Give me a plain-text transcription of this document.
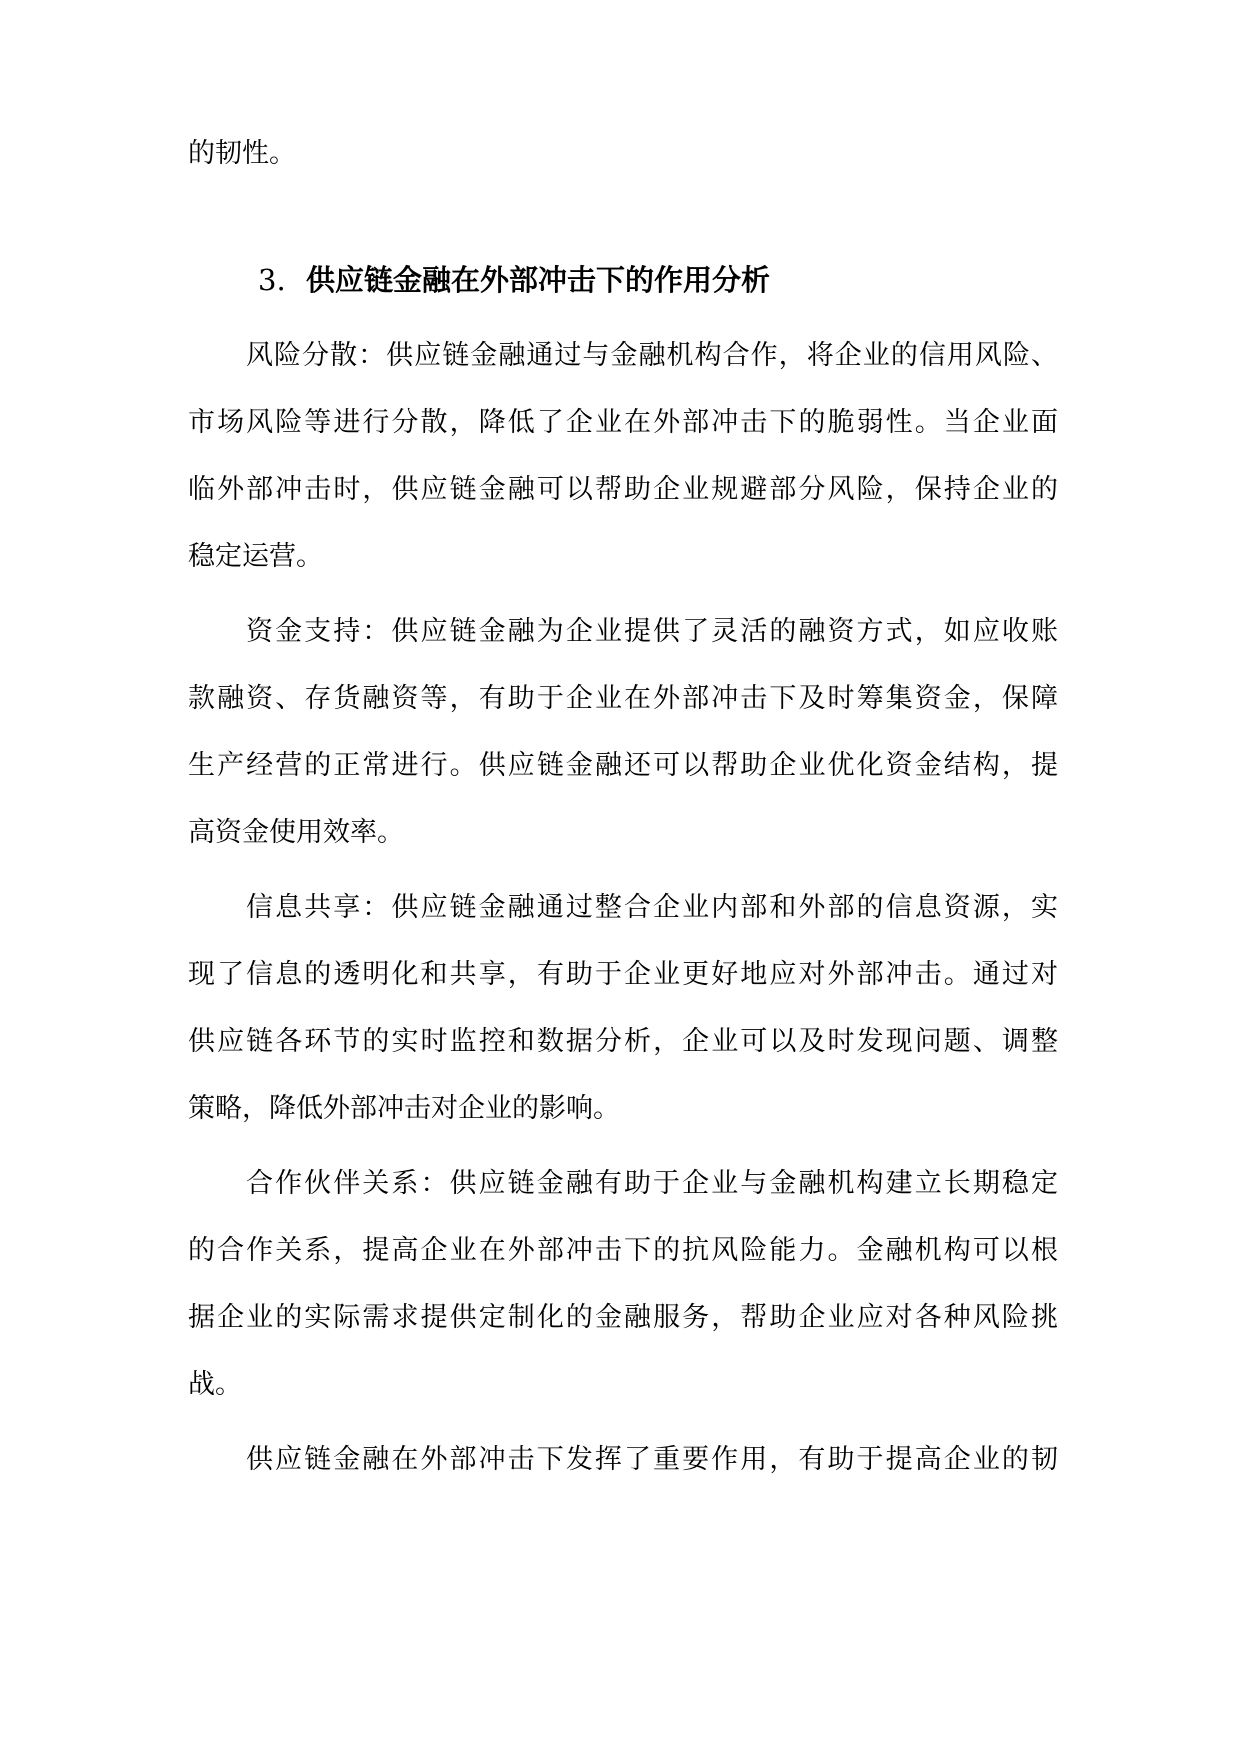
的韧性。
3. 供应链金融在外部冲击下的作用分析
风险分散：供应链金融通过与金融机构合作，将企业的信用风险、
市场风险等进行分散，降低了企业在外部冲击下的脆弱性。当企业面
临外部冲击时，供应链金融可以帮助企业规避部分风险，保持企业的
稳定运营。
资金支持：供应链金融为企业提供了灵活的融资方式，如应收账
款融资、存货融资等，有助于企业在外部冲击下及时筹集资金，保障
生产经营的正常进行。供应链金融还可以帮助企业优化资金结构，提
高资金使用效率。
信息共享：供应链金融通过整合企业内部和外部的信息资源，实
现了信息的透明化和共享，有助于企业更好地应对外部冲击。通过对
供应链各环节的实时监控和数据分析，企业可以及时发现问题、调整
策略，降低外部冲击对企业的影响。
合作伙伴关系：供应链金融有助于企业与金融机构建立长期稳定
的合作关系，提高企业在外部冲击下的抗风险能力。金融机构可以根
据企业的实际需求提供定制化的金融服务，帮助企业应对各种风险挑
战。
供应链金融在外部冲击下发挥了重要作用，有助于提高企业的韧
